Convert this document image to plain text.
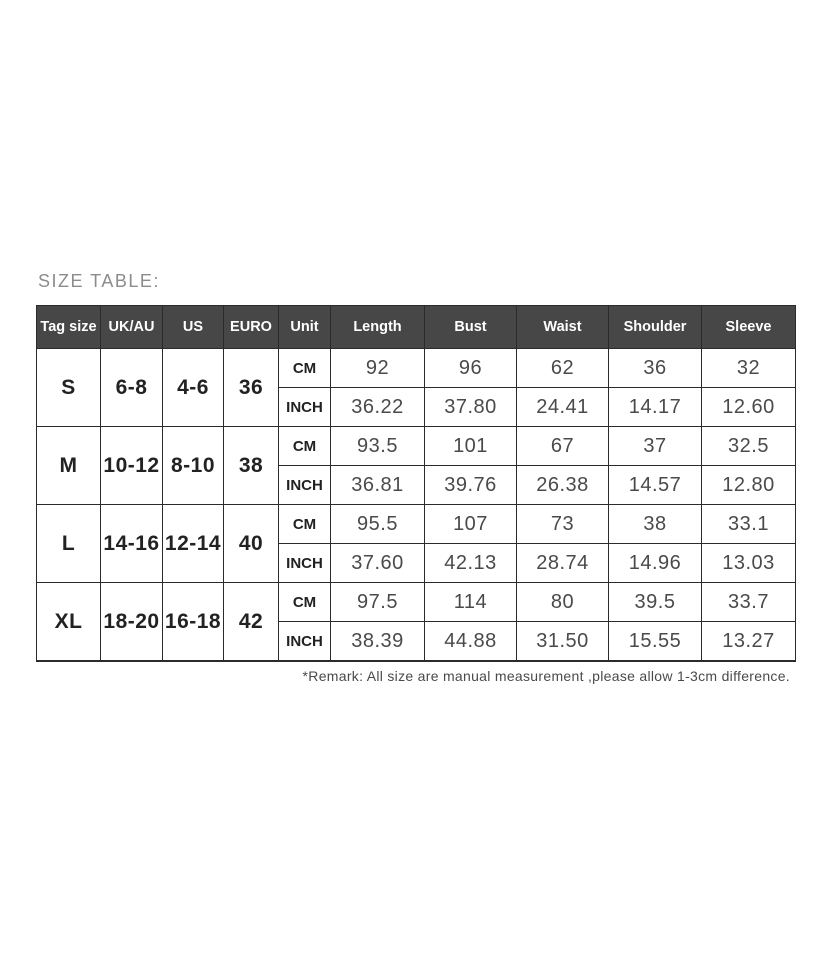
SIZE TABLE:
Tag size	UK/AU	US	EURO	Unit	Length	Bust	Waist	Shoulder	Sleeve
S	6-8	4-6	36	CM	92	96	62	36	32
				INCH	36.22	37.80	24.41	14.17	12.60
M	10-12	8-10	38	CM	93.5	101	67	37	32.5
				INCH	36.81	39.76	26.38	14.57	12.80
L	14-16	12-14	40	CM	95.5	107	73	38	33.1
				INCH	37.60	42.13	28.74	14.96	13.03
XL	18-20	16-18	42	CM	97.5	114	80	39.5	33.7
				INCH	38.39	44.88	31.50	15.55	13.27
*Remark: All size are manual measurement ,please allow 1-3cm difference.
